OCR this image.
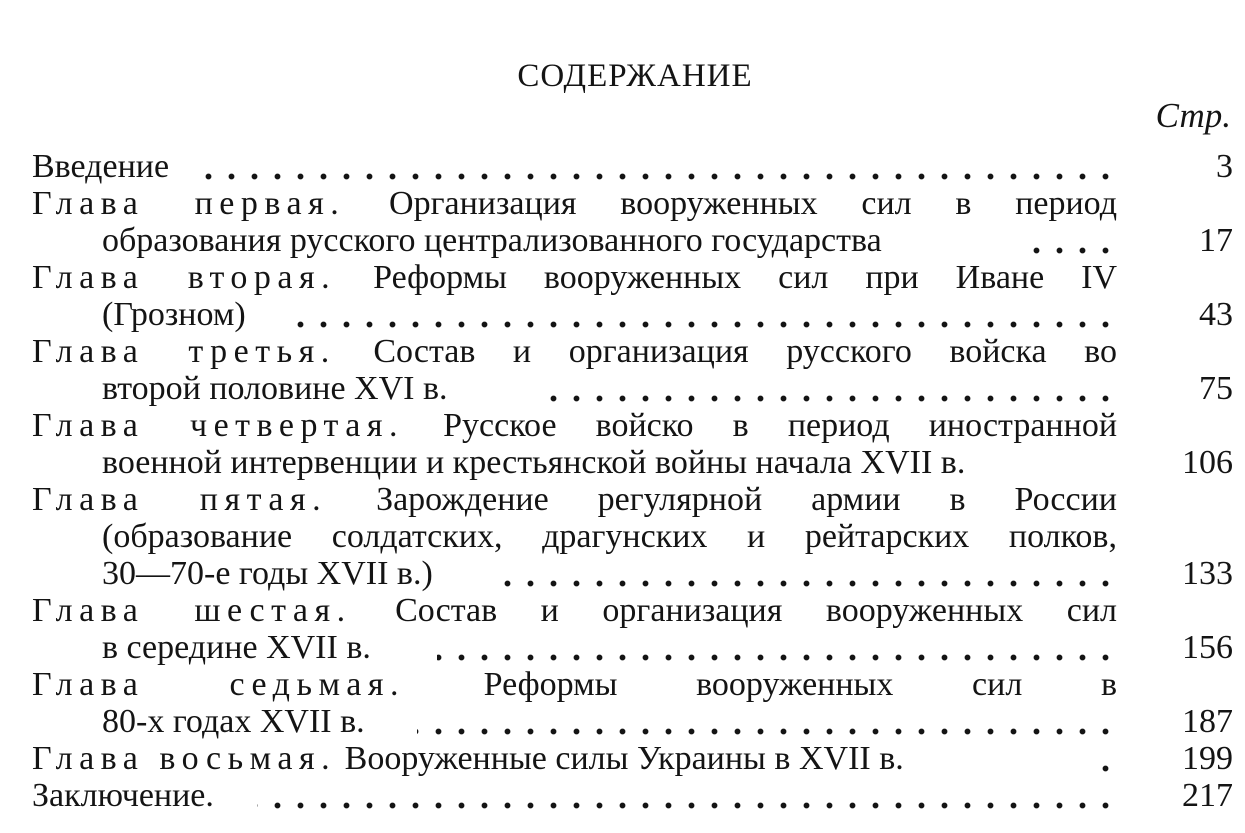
СОДЕРЖАНИЕ
Стр.
Введение	3
Глава первая. Организация вооруженных сил в период
образования русского централизованного государства	17
Глава вторая. Реформы вооруженных сил при Иване IV
(Грозном)	43
Глава третья. Состав и организация русского войска во
второй половине XVI в.	75
Глава четвертая. Русское войско в период иностранной
военной интервенции и крестьянской войны начала XVII в.	106
Глава пятая. Зарождение регулярной армии в России
(образование солдатских, драгунских и рейтарских полков,
30—70-е годы XVII в.)	133
Глава шестая. Состав и организация вооруженных сил
в середине XVII в.	156
Глава седьмая. Реформы вооруженных сил в
80-х годах XVII в.	187
Глава восьмая. Вооруженные силы Украины в XVII в.	199
Заключение.	217
